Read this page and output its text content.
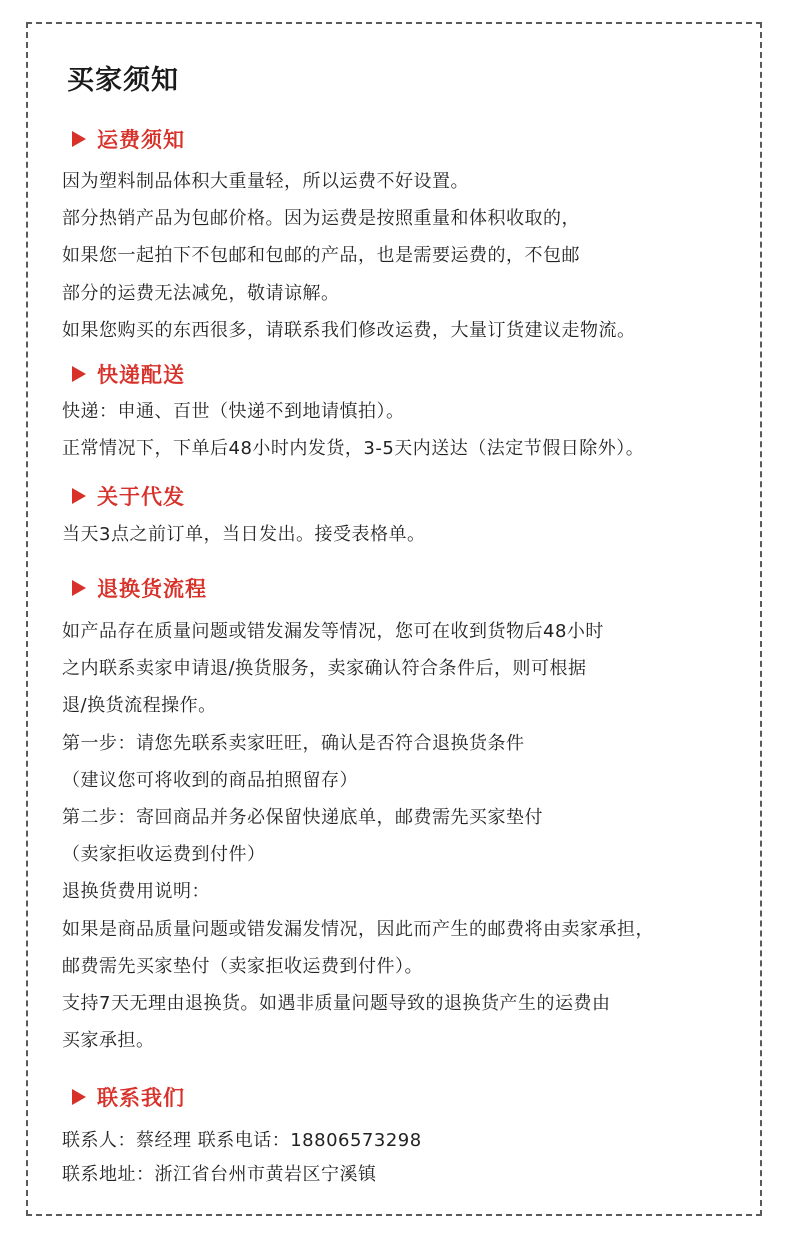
买家须知
运费须知
因为塑料制品体积大重量轻，所以运费不好设置。
部分热销产品为包邮价格。因为运费是按照重量和体积收取的，
如果您一起拍下不包邮和包邮的产品，也是需要运费的，不包邮
部分的运费无法减免，敬请谅解。
如果您购买的东西很多，请联系我们修改运费，大量订货建议走物流。
快递配送
快递：申通、百世（快递不到地请慎拍）。
正常情况下，下单后48小时内发货，3-5天内送达（法定节假日除外）。
关于代发
当天3点之前订单，当日发出。接受表格单。
退换货流程
如产品存在质量问题或错发漏发等情况，您可在收到货物后48小时
之内联系卖家申请退/换货服务，卖家确认符合条件后，则可根据
退/换货流程操作。
第一步：请您先联系卖家旺旺，确认是否符合退换货条件
（建议您可将收到的商品拍照留存）
第二步：寄回商品并务必保留快递底单，邮费需先买家垫付
（卖家拒收运费到付件）
退换货费用说明：
如果是商品质量问题或错发漏发情况，因此而产生的邮费将由卖家承担，
邮费需先买家垫付（卖家拒收运费到付件）。
支持7天无理由退换货。如遇非质量问题导致的退换货产生的运费由
买家承担。
联系我们
联系人：蔡经理 联系电话：18806573298
联系地址：浙江省台州市黄岩区宁溪镇
